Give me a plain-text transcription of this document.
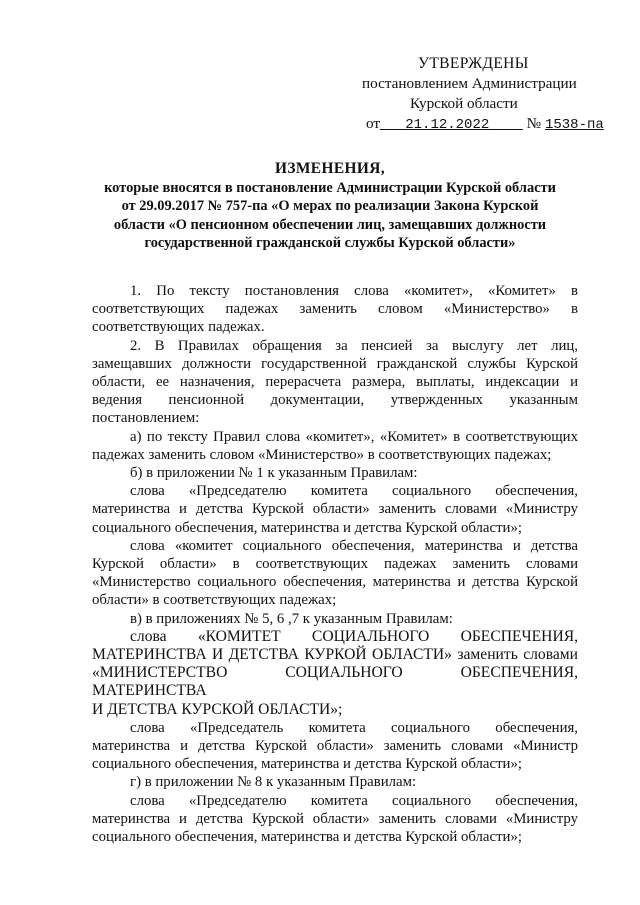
УТВЕРЖДЕНЫ
постановлением Администрации
Курской области
от 21.12.2022 № 1538-па
ИЗМЕНЕНИЯ,
которые вносятся в постановление Администрации Курской области
от 29.09.2017 № 757-па «О мерах по реализации Закона Курской
области «О пенсионном обеспечении лиц, замещавших должности
государственной гражданской службы Курской области»

1. По тексту постановления слова «комитет», «Комитет» в

соответствующих падежах заменить словом «Министерство» в

соответствующих падежах.

2. В Правилах обращения за пенсией за выслугу лет лиц,

замещавших должности государственной гражданской службы Курской

области, ее назначения, перерасчета размера, выплаты, индексации и

ведения пенсионной документации, утвержденных указанным

постановлением:

а) по тексту Правил слова «комитет», «Комитет» в соответствующих

падежах заменить словом «Министерство» в соответствующих падежах;

б) в приложении № 1 к указанным Правилам:

слова «Председателю комитета социального обеспечения,

материнства и детства Курской области» заменить словами «Министру

социального обеспечения, материнства и детства Курской области»;

слова «комитет социального обеспечения, материнства и детства

Курской области» в соответствующих падежах заменить словами

«Министерство социального обеспечения, материнства и детства Курской

области» в соответствующих падежах;

в) в приложениях № 5, 6 ,7 к указанным Правилам:

слова «КОМИТЕТ СОЦИАЛЬНОГО ОБЕСПЕЧЕНИЯ,

МАТЕРИНСТВА И ДЕТСТВА КУРКОЙ ОБЛАСТИ» заменить словами

«МИНИСТЕРСТВО СОЦИАЛЬНОГО ОБЕСПЕЧЕНИЯ, МАТЕРИНСТВА

И ДЕТСТВА КУРСКОЙ ОБЛАСТИ»;

слова «Председатель комитета социального обеспечения,

материнства и детства Курской области» заменить словами «Министр

социального обеспечения, материнства и детства Курской области»;

г) в приложении № 8 к указанным Правилам:

слова «Председателю комитета социального обеспечения,

материнства и детства Курской области» заменить словами «Министру

социального обеспечения, материнства и детства Курской области»;
